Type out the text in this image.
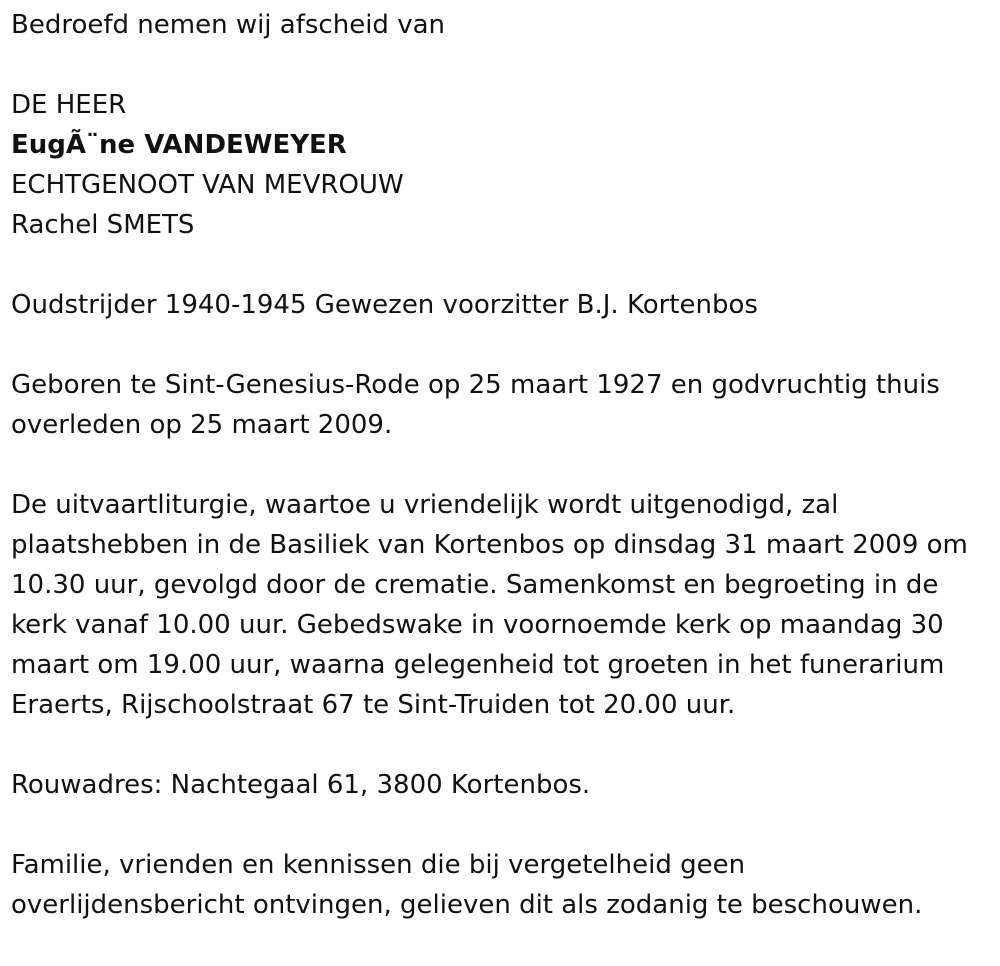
Bedroefd nemen wij afscheid van
DE HEER
EugÃ¨ne VANDEWEYER
ECHTGENOOT VAN MEVROUW
Rachel SMETS
Oudstrijder 1940-1945 Gewezen voorzitter B.J. Kortenbos
Geboren te Sint-Genesius-Rode op 25 maart 1927 en godvruchtig thuis
overleden op 25 maart 2009.
De uitvaartliturgie, waartoe u vriendelijk wordt uitgenodigd, zal
plaatshebben in de Basiliek van Kortenbos op dinsdag 31 maart 2009 om
10.30 uur, gevolgd door de crematie. Samenkomst en begroeting in de
kerk vanaf 10.00 uur. Gebedswake in voornoemde kerk op maandag 30
maart om 19.00 uur, waarna gelegenheid tot groeten in het funerarium
Eraerts, Rijschoolstraat 67 te Sint-Truiden tot 20.00 uur.
Rouwadres: Nachtegaal 61, 3800 Kortenbos.
Familie, vrienden en kennissen die bij vergetelheid geen
overlijdensbericht ontvingen, gelieven dit als zodanig te beschouwen.
